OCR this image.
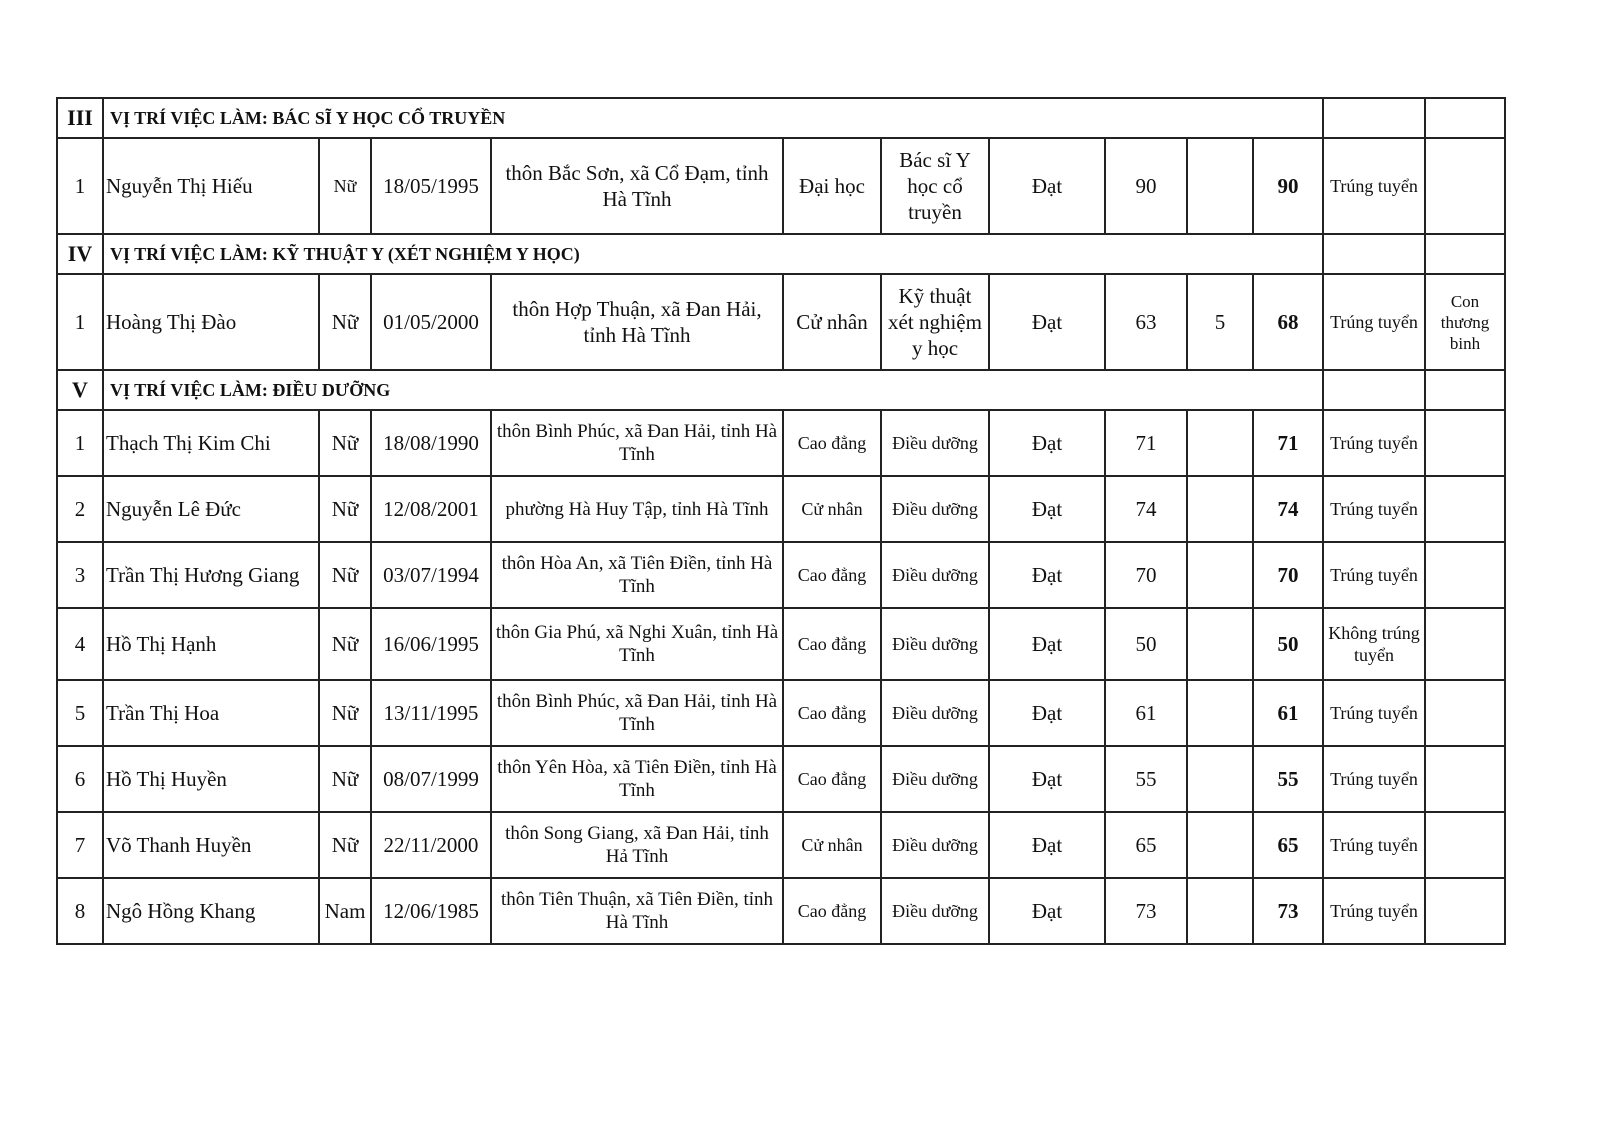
III	VỊ TRÍ VIỆC LÀM: BÁC SĨ Y HỌC CỔ TRUYỀN											
1	Nguyễn Thị Hiếu	Nữ	18/05/1995	thôn Bắc Sơn, xã Cổ Đạm, tỉnh Hà Tĩnh	Đại học	Bác sĩ Y học cổ truyền	Đạt	90		90	Trúng tuyển	
IV	VỊ TRÍ VIỆC LÀM: KỸ THUẬT Y (XÉT NGHIỆM Y HỌC)											
1	Hoàng Thị Đào	Nữ	01/05/2000	thôn Hợp Thuận, xã Đan Hải, tỉnh Hà Tĩnh	Cử nhân	Kỹ thuật xét nghiệm y học	Đạt	63	5	68	Trúng tuyển	Con thương binh
V	VỊ TRÍ VIỆC LÀM: ĐIỀU DƯỠNG											
1	Thạch Thị Kim Chi	Nữ	18/08/1990	thôn Bình Phúc, xã Đan Hải, tỉnh Hà Tĩnh	Cao đẳng	Điều dưỡng	Đạt	71		71	Trúng tuyển	
2	Nguyễn Lê Đức	Nữ	12/08/2001	phường Hà Huy Tập, tỉnh Hà Tĩnh	Cử nhân	Điều dưỡng	Đạt	74		74	Trúng tuyển	
3	Trần Thị Hương Giang	Nữ	03/07/1994	thôn Hòa An, xã Tiên Điền, tỉnh Hà Tĩnh	Cao đẳng	Điều dưỡng	Đạt	70		70	Trúng tuyển	
4	Hồ Thị Hạnh	Nữ	16/06/1995	thôn Gia Phú, xã Nghi Xuân, tỉnh Hà Tĩnh	Cao đẳng	Điều dưỡng	Đạt	50		50	Không trúng tuyển	
5	Trần Thị Hoa	Nữ	13/11/1995	thôn Bình Phúc, xã Đan Hải, tỉnh Hà Tĩnh	Cao đẳng	Điều dưỡng	Đạt	61		61	Trúng tuyển	
6	Hồ Thị Huyền	Nữ	08/07/1999	thôn Yên Hòa, xã Tiên Điền, tỉnh Hà Tĩnh	Cao đẳng	Điều dưỡng	Đạt	55		55	Trúng tuyển	
7	Võ Thanh Huyền	Nữ	22/11/2000	thôn Song Giang, xã Đan Hải, tỉnh Hả Tĩnh	Cử nhân	Điều dưỡng	Đạt	65		65	Trúng tuyển	
8	Ngô Hồng Khang	Nam	12/06/1985	thôn Tiên Thuận, xã Tiên Điền, tỉnh Hà Tĩnh	Cao đẳng	Điều dưỡng	Đạt	73		73	Trúng tuyển	
